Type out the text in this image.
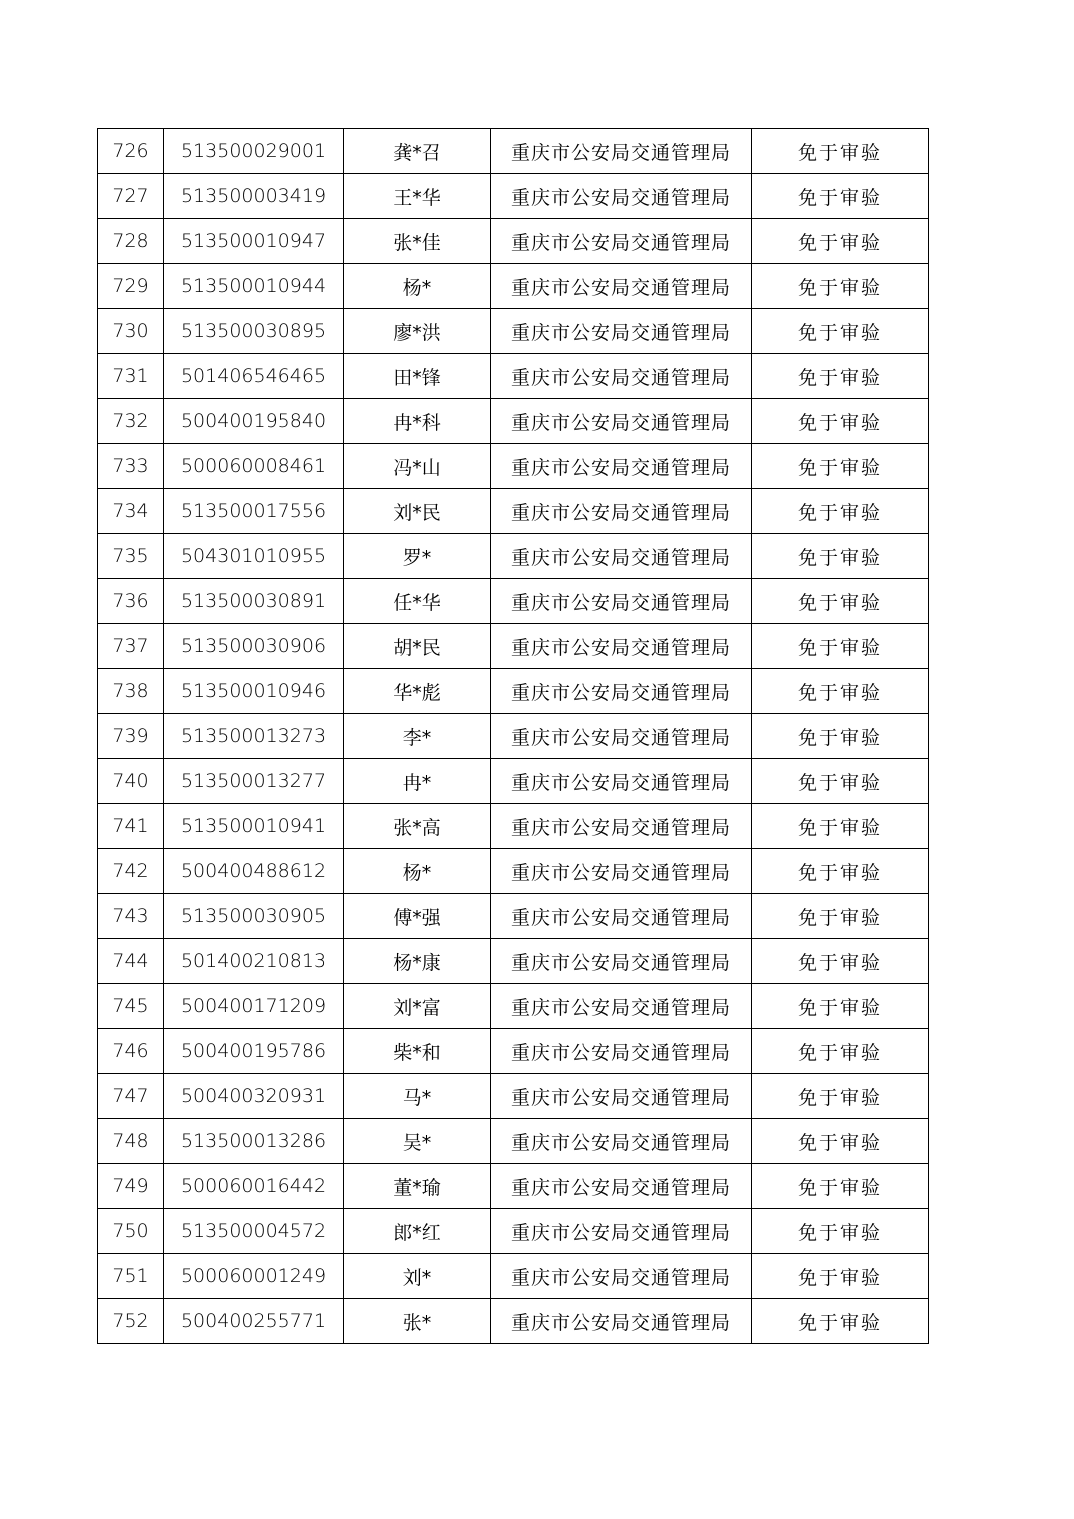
726	513500029001	龚*召	重庆市公安局交通管理局	免于审验
727	513500003419	王*华	重庆市公安局交通管理局	免于审验
728	513500010947	张*佳	重庆市公安局交通管理局	免于审验
729	513500010944	杨*	重庆市公安局交通管理局	免于审验
730	513500030895	廖*洪	重庆市公安局交通管理局	免于审验
731	501406546465	田*锋	重庆市公安局交通管理局	免于审验
732	500400195840	冉*科	重庆市公安局交通管理局	免于审验
733	500060008461	冯*山	重庆市公安局交通管理局	免于审验
734	513500017556	刘*民	重庆市公安局交通管理局	免于审验
735	504301010955	罗*	重庆市公安局交通管理局	免于审验
736	513500030891	任*华	重庆市公安局交通管理局	免于审验
737	513500030906	胡*民	重庆市公安局交通管理局	免于审验
738	513500010946	华*彪	重庆市公安局交通管理局	免于审验
739	513500013273	李*	重庆市公安局交通管理局	免于审验
740	513500013277	冉*	重庆市公安局交通管理局	免于审验
741	513500010941	张*高	重庆市公安局交通管理局	免于审验
742	500400488612	杨*	重庆市公安局交通管理局	免于审验
743	513500030905	傅*强	重庆市公安局交通管理局	免于审验
744	501400210813	杨*康	重庆市公安局交通管理局	免于审验
745	500400171209	刘*富	重庆市公安局交通管理局	免于审验
746	500400195786	柴*和	重庆市公安局交通管理局	免于审验
747	500400320931	马*	重庆市公安局交通管理局	免于审验
748	513500013286	吴*	重庆市公安局交通管理局	免于审验
749	500060016442	董*瑜	重庆市公安局交通管理局	免于审验
750	513500004572	郎*红	重庆市公安局交通管理局	免于审验
751	500060001249	刘*	重庆市公安局交通管理局	免于审验
752	500400255771	张*	重庆市公安局交通管理局	免于审验
